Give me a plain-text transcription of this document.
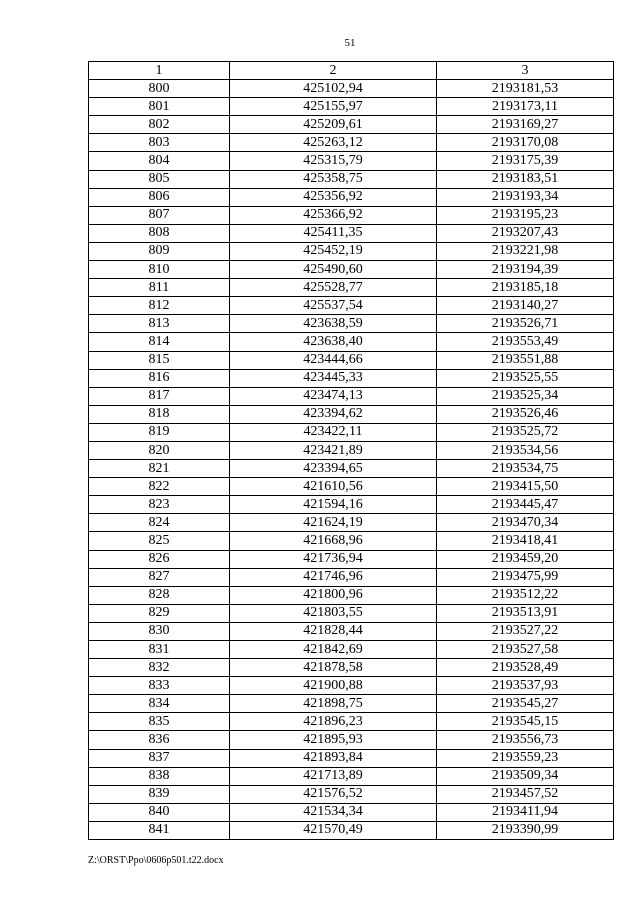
51
1	2	3
800	425102,94	2193181,53
801	425155,97	2193173,11
802	425209,61	2193169,27
803	425263,12	2193170,08
804	425315,79	2193175,39
805	425358,75	2193183,51
806	425356,92	2193193,34
807	425366,92	2193195,23
808	425411,35	2193207,43
809	425452,19	2193221,98
810	425490,60	2193194,39
811	425528,77	2193185,18
812	425537,54	2193140,27
813	423638,59	2193526,71
814	423638,40	2193553,49
815	423444,66	2193551,88
816	423445,33	2193525,55
817	423474,13	2193525,34
818	423394,62	2193526,46
819	423422,11	2193525,72
820	423421,89	2193534,56
821	423394,65	2193534,75
822	421610,56	2193415,50
823	421594,16	2193445,47
824	421624,19	2193470,34
825	421668,96	2193418,41
826	421736,94	2193459,20
827	421746,96	2193475,99
828	421800,96	2193512,22
829	421803,55	2193513,91
830	421828,44	2193527,22
831	421842,69	2193527,58
832	421878,58	2193528,49
833	421900,88	2193537,93
834	421898,75	2193545,27
835	421896,23	2193545,15
836	421895,93	2193556,73
837	421893,84	2193559,23
838	421713,89	2193509,34
839	421576,52	2193457,52
840	421534,34	2193411,94
841	421570,49	2193390,99
Z:\ORST\Ppo\0606p501.t22.docx
